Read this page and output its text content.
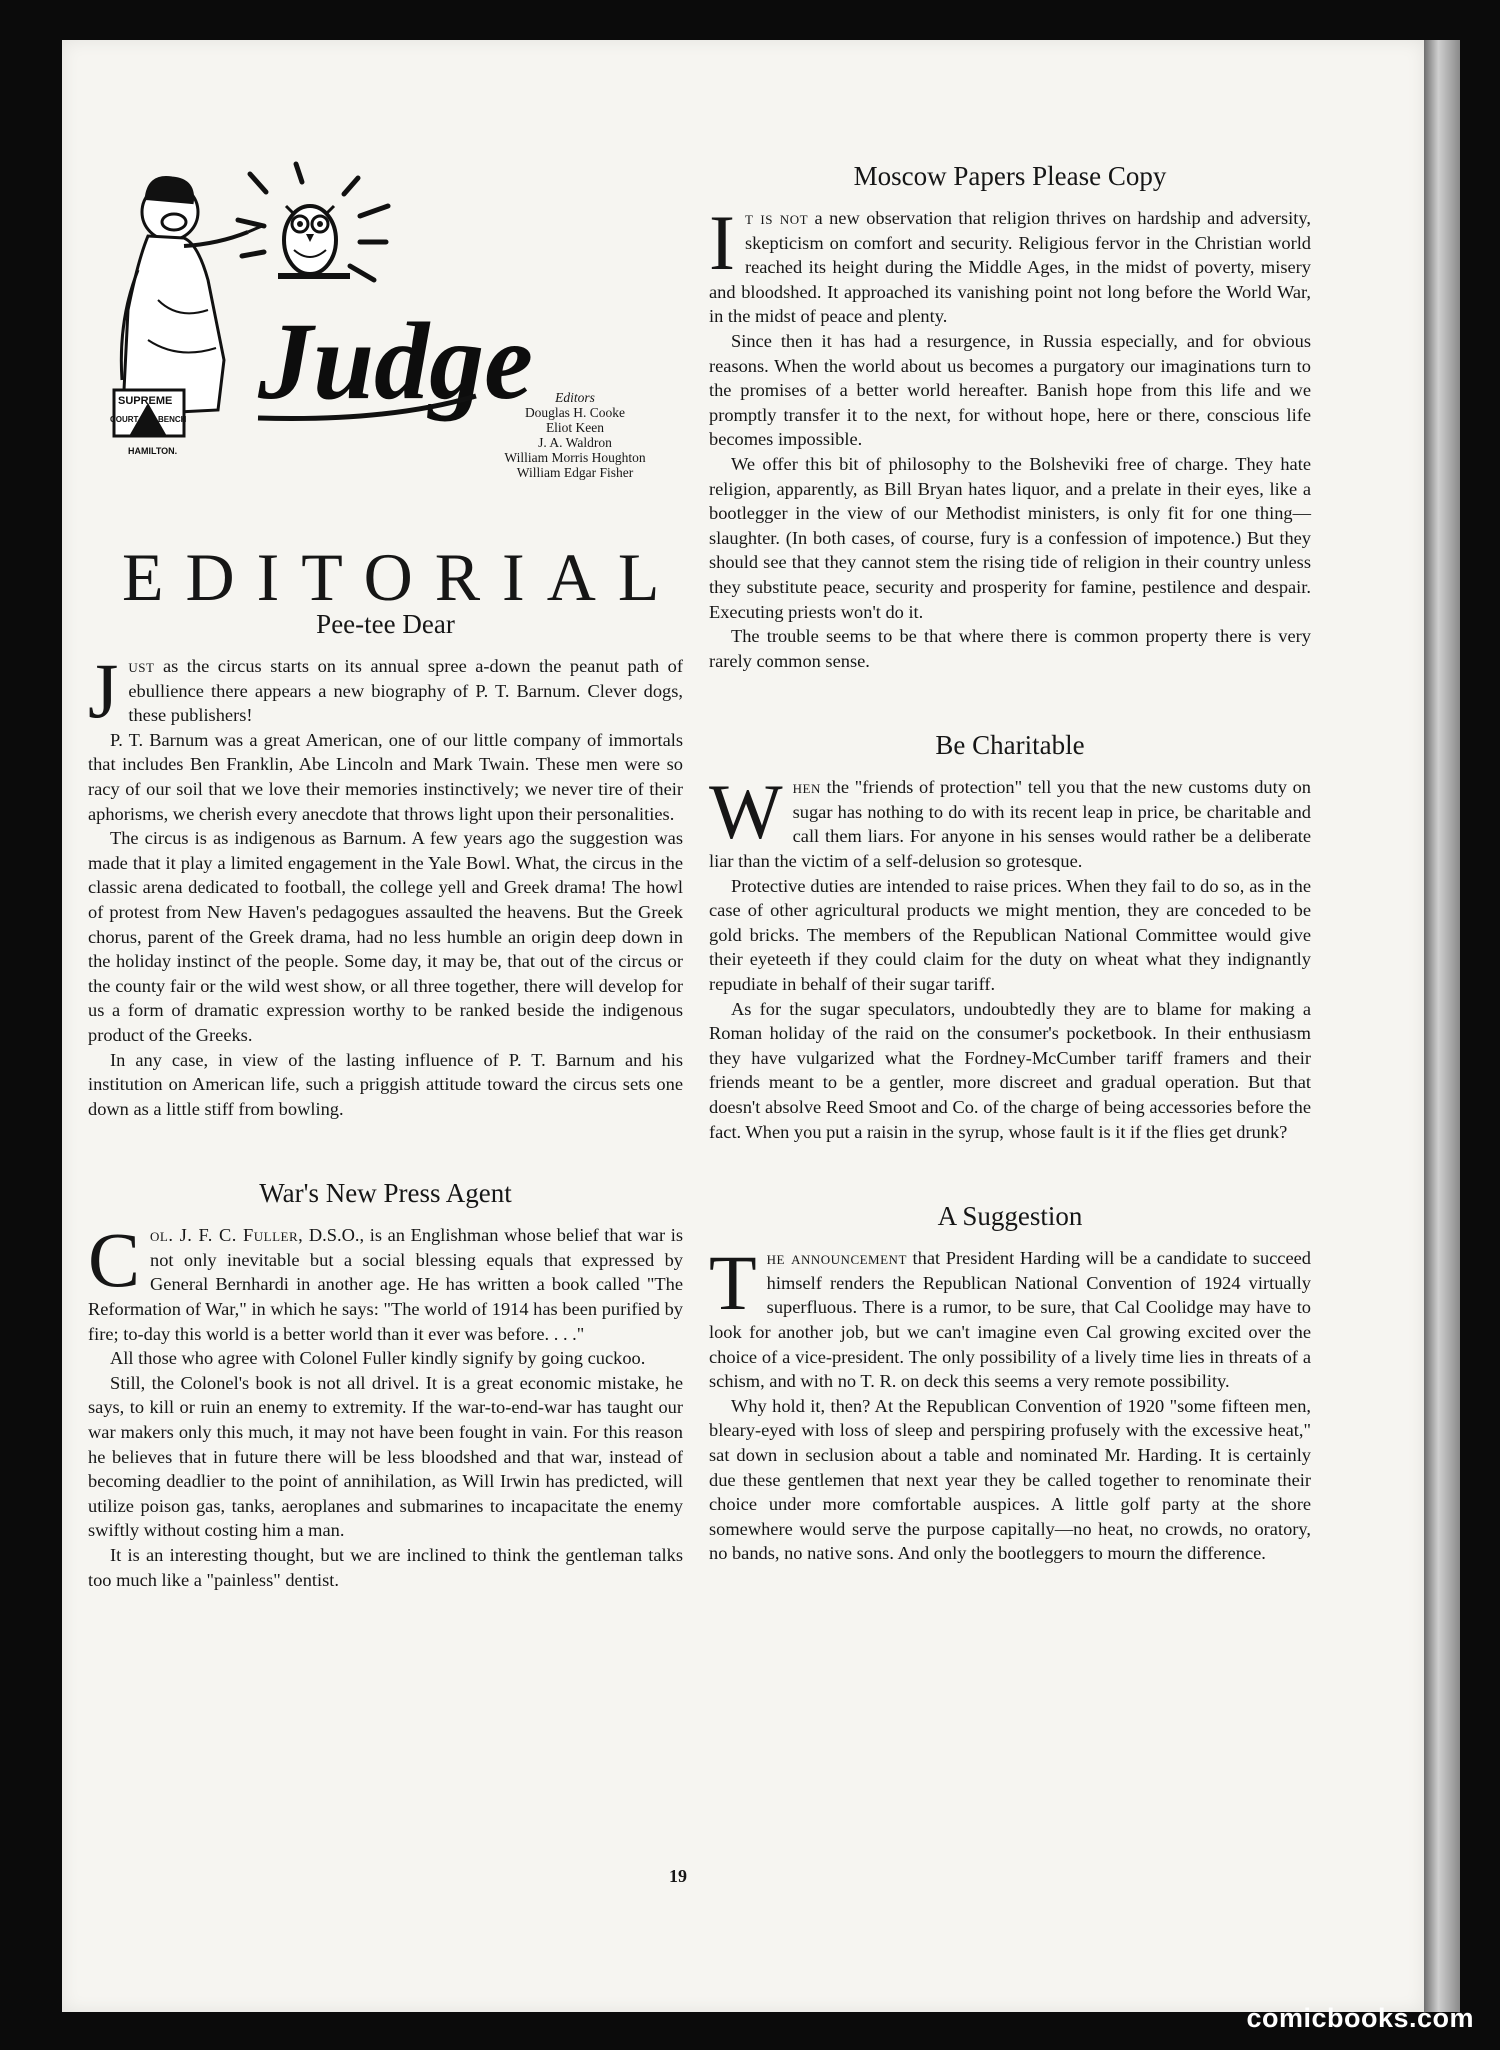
SUPREME
COURT BENCH
HAMILTON.
Judge	Editors
Douglas H. Cooke
Eliot Keen
J. A. Waldron
William Morris Houghton
William Edgar Fisher
EDITORIAL
Pee-tee Dear

Just as the circus starts on its annual spree a-down the peanut path of ebullience there appears a new biography of P. T. Barnum. Clever dogs, these publishers!

P. T. Barnum was a great American, one of our little company of immortals that includes Ben Franklin, Abe Lincoln and Mark Twain. These men were so racy of our soil that we love their memories instinctively; we never tire of their aphorisms, we cherish every anecdote that throws light upon their personalities.

The circus is as indigenous as Barnum. A few years ago the suggestion was made that it play a limited engagement in the Yale Bowl. What, the circus in the classic arena dedicated to football, the college yell and Greek drama! The howl of protest from New Haven's pedagogues assaulted the heavens. But the Greek chorus, parent of the Greek drama, had no less humble an origin deep down in the holiday instinct of the people. Some day, it may be, that out of the circus or the county fair or the wild west show, or all three together, there will develop for us a form of dramatic expression worthy to be ranked beside the indigenous product of the Greeks.

In any case, in view of the lasting influence of P. T. Barnum and his institution on American life, such a priggish attitude toward the circus sets one down as a little stiff from bowling.

War's New Press Agent

Col. J. F. C. Fuller, D.S.O., is an Englishman whose belief that war is not only inevitable but a social blessing equals that expressed by General Bernhardi in another age. He has written a book called "The Reformation of War," in which he says: "The world of 1914 has been purified by fire; to-day this world is a better world than it ever was before. . . ."

All those who agree with Colonel Fuller kindly signify by going cuckoo.

Still, the Colonel's book is not all drivel. It is a great economic mistake, he says, to kill or ruin an enemy to extremity. If the war-to-end-war has taught our war makers only this much, it may not have been fought in vain. For this reason he believes that in future there will be less bloodshed and that war, instead of becoming deadlier to the point of annihilation, as Will Irwin has predicted, will utilize poison gas, tanks, aeroplanes and submarines to incapacitate the enemy swiftly without costing him a man.

It is an interesting thought, but we are inclined to think the gentleman talks too much like a "painless" dentist.

Moscow Papers Please Copy

It is not a new observation that religion thrives on hardship and adversity, skepticism on comfort and security. Religious fervor in the Christian world reached its height during the Middle Ages, in the midst of poverty, misery and bloodshed. It approached its vanishing point not long before the World War, in the midst of peace and plenty.

Since then it has had a resurgence, in Russia especially, and for obvious reasons. When the world about us becomes a purgatory our imaginations turn to the promises of a better world hereafter. Banish hope from this life and we promptly transfer it to the next, for without hope, here or there, conscious life becomes impossible.

We offer this bit of philosophy to the Bolsheviki free of charge. They hate religion, apparently, as Bill Bryan hates liquor, and a prelate in their eyes, like a bootlegger in the view of our Methodist ministers, is only fit for one thing—slaughter. (In both cases, of course, fury is a confession of impotence.) But they should see that they cannot stem the rising tide of religion in their country unless they substitute peace, security and prosperity for famine, pestilence and despair. Executing priests won't do it.

The trouble seems to be that where there is common property there is very rarely common sense.

Be Charitable

When the "friends of protection" tell you that the new customs duty on sugar has nothing to do with its recent leap in price, be charitable and call them liars. For anyone in his senses would rather be a deliberate liar than the victim of a self-delusion so grotesque.

Protective duties are intended to raise prices. When they fail to do so, as in the case of other agricultural products we might mention, they are conceded to be gold bricks. The members of the Republican National Committee would give their eyeteeth if they could claim for the duty on wheat what they indignantly repudiate in behalf of their sugar tariff.

As for the sugar speculators, undoubtedly they are to blame for making a Roman holiday of the raid on the consumer's pocketbook. In their enthusiasm they have vulgarized what the Fordney-McCumber tariff framers and their friends meant to be a gentler, more discreet and gradual operation. But that doesn't absolve Reed Smoot and Co. of the charge of being accessories before the fact. When you put a raisin in the syrup, whose fault is it if the flies get drunk?

A Suggestion

The announcement that President Harding will be a candidate to succeed himself renders the Republican National Convention of 1924 virtually superfluous. There is a rumor, to be sure, that Cal Coolidge may have to look for another job, but we can't imagine even Cal growing excited over the choice of a vice-president. The only possibility of a lively time lies in threats of a schism, and with no T. R. on deck this seems a very remote possibility.

Why hold it, then? At the Republican Convention of 1920 "some fifteen men, bleary-eyed with loss of sleep and perspiring profusely with the excessive heat," sat down in seclusion about a table and nominated Mr. Harding. It is certainly due these gentlemen that next year they be called together to renominate their choice under more comfortable auspices. A little golf party at the shore somewhere would serve the purpose capitally—no heat, no crowds, no oratory, no bands, no native sons. And only the bootleggers to mourn the difference.

19
comicbooks.com
